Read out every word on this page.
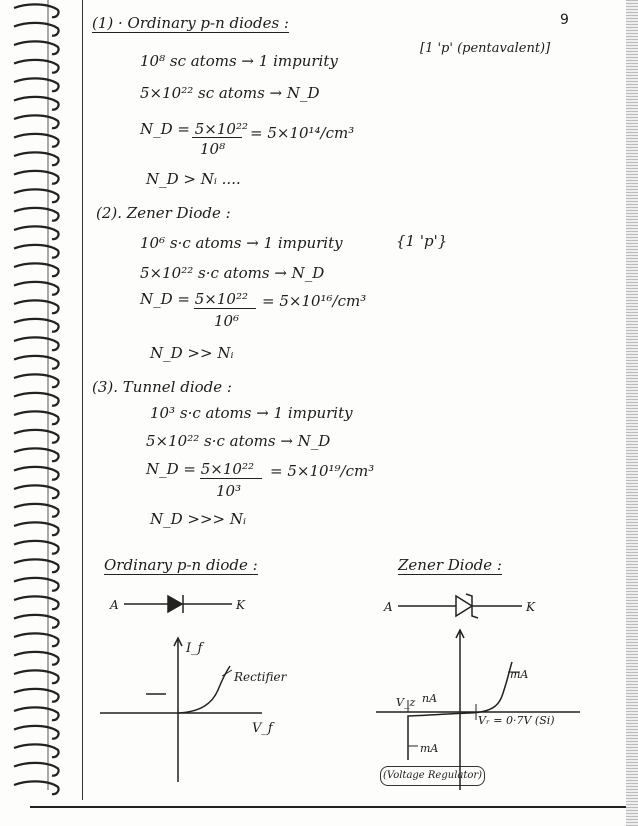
9
(1) · Ordinary p-n diodes :
10⁸ sc atoms → 1 impurity
[1 'p' (pentavalent)]
5×10²² sc atoms → N_D
N_D = 5×10²²
10⁸
= 5×10¹⁴/cm³
N_D > Nᵢ ....
(2). Zener Diode :
10⁶ s·c atoms → 1 impurity	{1 'p'}
5×10²² s·c atoms → N_D
N_D = 5×10²²
10⁶
= 5×10¹⁶/cm³
N_D >> Nᵢ
(3). Tunnel diode :
10³ s·c atoms → 1 impurity
5×10²² s·c atoms → N_D
N_D = 5×10²²
10³
= 5×10¹⁹/cm³
N_D >>> Nᵢ
Ordinary p-n diode :
A	K
I_f
V_f
Rectifier
Zener Diode :
A	K
mA
nA
mA
V_z
Vᵣ = 0·7V (Si)
(Voltage Regulator)
